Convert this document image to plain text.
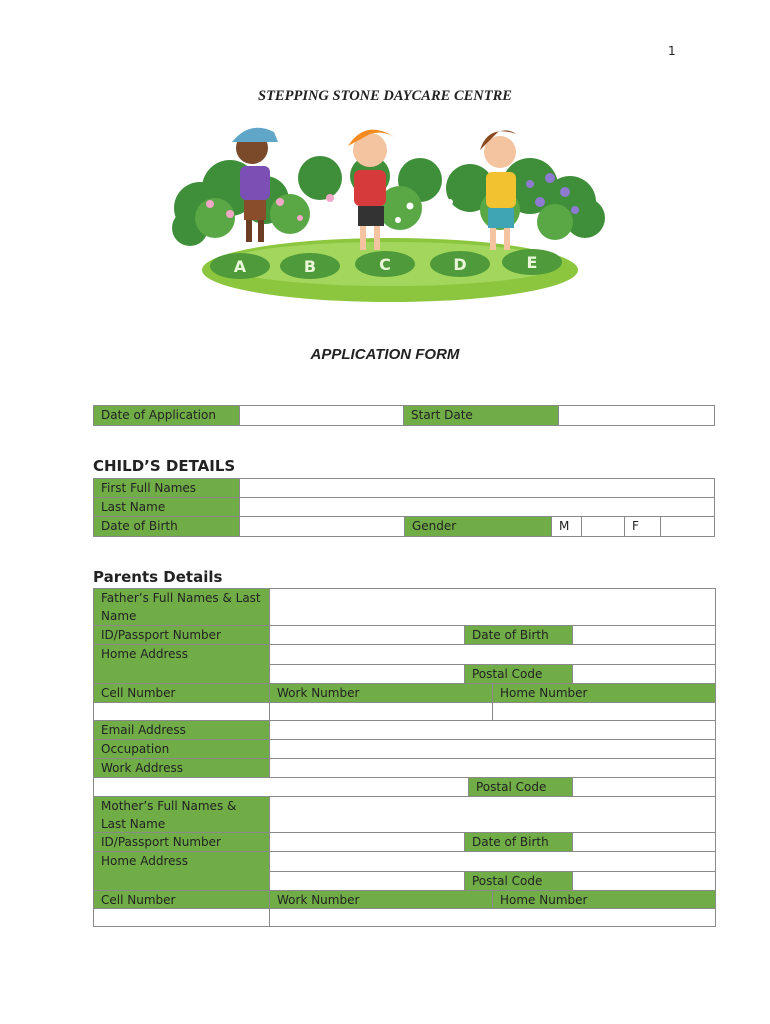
1
STEPPING STONE DAYCARE CENTRE
A	B	C	D	E
APPLICATION FORM
Date of Application	Start Date
CHILD’S DETAILS
First Full Names
Last Name
Date of Birth	Gender	M	F
Parents Details
Father’s Full Names & Last Name
ID/Passport Number	Date of Birth
Home Address
Postal Code
Cell Number	Work Number	Home Number
Email Address
Occupation
Work Address
Postal Code
Mother’s Full Names & Last Name
ID/Passport Number	Date of Birth
Home Address
Postal Code
Cell Number	Work Number	Home Number
